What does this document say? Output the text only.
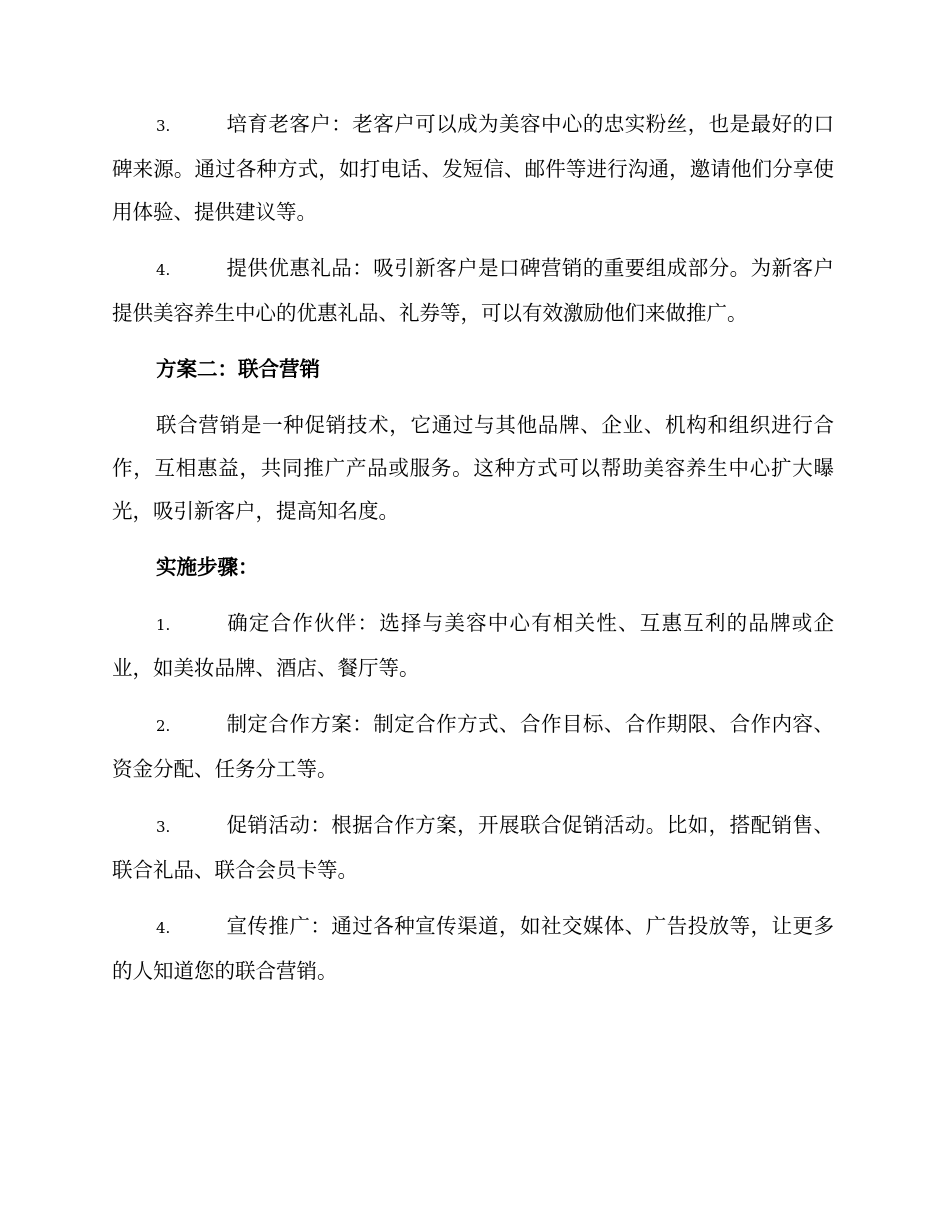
3.	培育老客户：老客户可以成为美容中心的忠实粉丝，也是最好的口碑来源。通过各种方式，如打电话、发短信、邮件等进行沟通，邀请他们分享使用体验、提供建议等。

4.	提供优惠礼品：吸引新客户是口碑营销的重要组成部分。为新客户提供美容养生中心的优惠礼品、礼券等，可以有效激励他们来做推广。

方案二：联合营销

联合营销是一种促销技术，它通过与其他品牌、企业、机构和组织进行合作，互相惠益，共同推广产品或服务。这种方式可以帮助美容养生中心扩大曝光，吸引新客户，提高知名度。

实施步骤：

1.	确定合作伙伴：选择与美容中心有相关性、互惠互利的品牌或企业，如美妆品牌、酒店、餐厅等。

2.	制定合作方案：制定合作方式、合作目标、合作期限、合作内容、资金分配、任务分工等。

3.	促销活动：根据合作方案，开展联合促销活动。比如，搭配销售、联合礼品、联合会员卡等。

4.	宣传推广：通过各种宣传渠道，如社交媒体、广告投放等，让更多的人知道您的联合营销。
